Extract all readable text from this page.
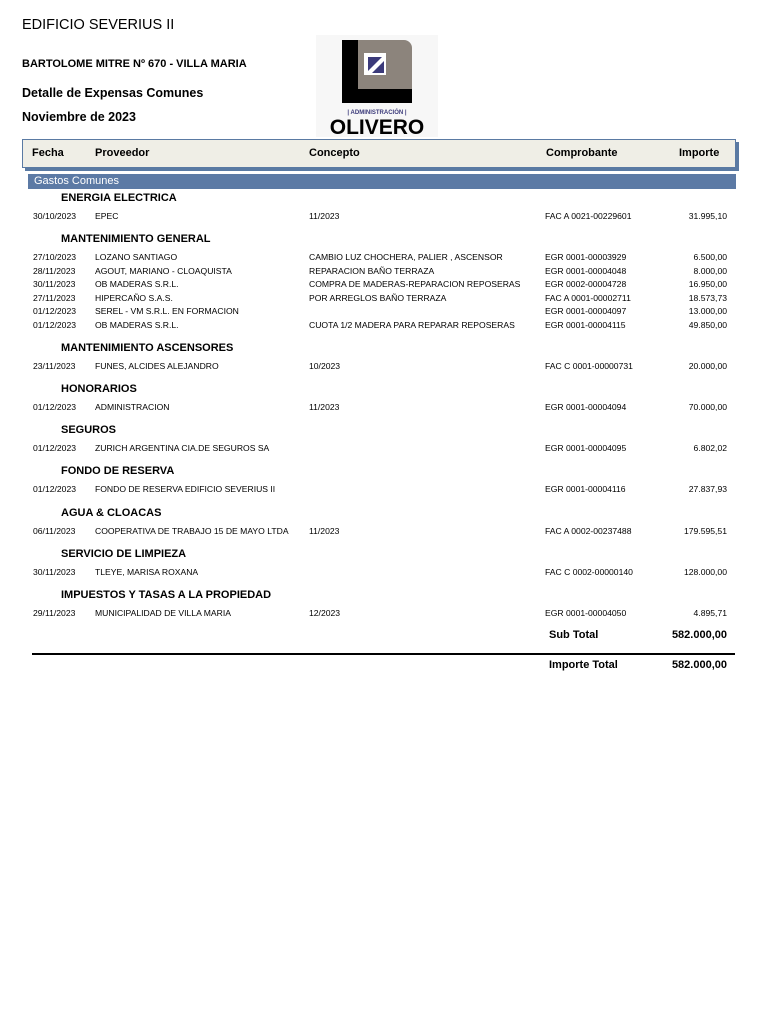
EDIFICIO SEVERIUS II
BARTOLOME MITRE Nº 670 - VILLA MARIA
Detalle de Expensas Comunes
Noviembre de 2023	| ADMINISTRACIÓN |
OLIVERO
Fecha	Proveedor	Concepto	Comprobante	Importe
Gastos Comunes
ENERGIA ELECTRICA
30/10/2023 EPEC	11/2023	FAC A 0021-00229601	31.995,10
MANTENIMIENTO GENERAL
27/10/2023 LOZANO SANTIAGO	CAMBIO LUZ CHOCHERA, PALIER , ASCENSOR	EGR 0001-00003929	6.500,00
28/11/2023 AGOUT, MARIANO - CLOAQUISTA	REPARACION BAÑO TERRAZA	EGR 0001-00004048	8.000,00
30/11/2023 OB MADERAS S.R.L.	COMPRA DE MADERAS-REPARACION REPOSERAS	EGR 0002-00004728	16.950,00
27/11/2023 HIPERCAÑO S.A.S.	POR ARREGLOS BAÑO TERRAZA	FAC A 0001-00002711	18.573,73
01/12/2023 SEREL - VM S.R.L. EN FORMACION	EGR 0001-00004097	13.000,00
01/12/2023 OB MADERAS S.R.L.	CUOTA 1/2 MADERA PARA REPARAR REPOSERAS	EGR 0001-00004115	49.850,00
MANTENIMIENTO ASCENSORES
23/11/2023 FUNES, ALCIDES ALEJANDRO	10/2023	FAC C 0001-00000731	20.000,00
HONORARIOS
01/12/2023 ADMINISTRACION	11/2023	EGR 0001-00004094	70.000,00
SEGUROS
01/12/2023 ZURICH ARGENTINA CIA.DE SEGUROS SA	EGR 0001-00004095	6.802,02
FONDO DE RESERVA
01/12/2023 FONDO DE RESERVA EDIFICIO SEVERIUS II	EGR 0001-00004116	27.837,93
AGUA & CLOACAS
06/11/2023 COOPERATIVA DE TRABAJO 15 DE MAYO LTDA 11/2023	FAC A 0002-00237488	179.595,51
SERVICIO DE LIMPIEZA
30/11/2023 TLEYE, MARISA ROXANA	FAC C 0002-00000140	128.000,00
IMPUESTOS Y TASAS A LA PROPIEDAD
29/11/2023 MUNICIPALIDAD DE VILLA MARIA	12/2023	EGR 0001-00004050	4.895,71
Sub Total	582.000,00
Importe Total	582.000,00
